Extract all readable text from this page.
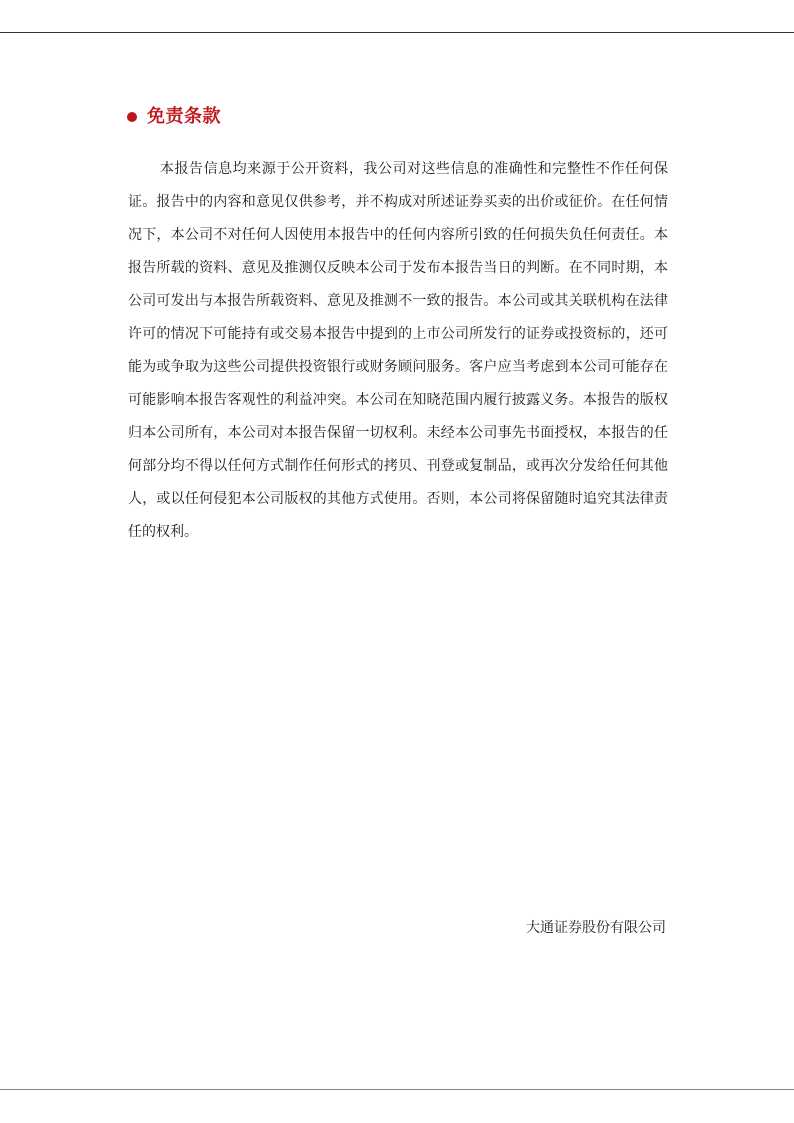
免责条款

本报告信息均来源于公开资料，我公司对这些信息的准确性和完整性不作任何保证。报告中的内容和意见仅供参考，并不构成对所述证券买卖的出价或征价。在任何情况下，本公司不对任何人因使用本报告中的任何内容所引致的任何损失负任何责任。本报告所载的资料、意见及推测仅反映本公司于发布本报告当日的判断。在不同时期，本公司可发出与本报告所载资料、意见及推测不一致的报告。本公司或其关联机构在法律许可的情况下可能持有或交易本报告中提到的上市公司所发行的证券或投资标的，还可能为或争取为这些公司提供投资银行或财务顾问服务。客户应当考虑到本公司可能存在可能影响本报告客观性的利益冲突。本公司在知晓范围内履行披露义务。本报告的版权归本公司所有，本公司对本报告保留一切权利。未经本公司事先书面授权，本报告的任何部分均不得以任何方式制作任何形式的拷贝、刊登或复制品，或再次分发给任何其他人，或以任何侵犯本公司版权的其他方式使用。否则，本公司将保留随时追究其法律责任的权利。

大通证券股份有限公司
